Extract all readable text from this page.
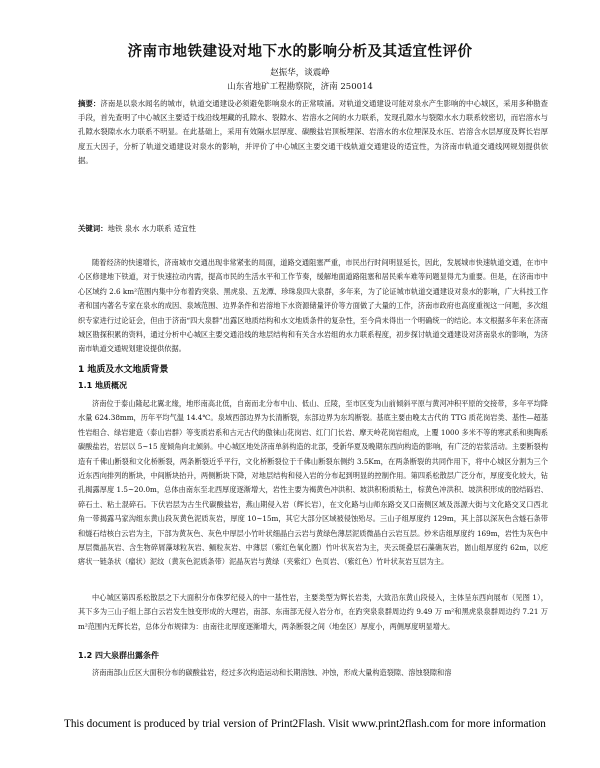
济南市地铁建设对地下水的影响分析及其适宜性评价
赵振华，谈震峥
山东省地矿工程勘察院，济南 250014
摘要：济南是以泉水闻名的城市，轨道交通建设必须避免影响泉水的正常喷涌。对轨道交通建设可能对泉水产生影响的中心城区，采用多种勘查手段，首先查明了中心城区主要适于线沿线埋藏的孔隙水、裂隙水、岩溶水之间的水力联系，发现孔隙水与裂隙水水力联系较密切，而岩溶水与孔隙水裂隙水水力联系不明显。在此基础上，采用有效隔水层厚度、碳酸盐岩顶板埋深、岩溶水的水位埋深及水压、岩溶含水层厚度及辉长岩厚度五大因子，分析了轨道交通建设对泉水的影响，并评价了中心城区主要交通干线轨道交通建设的适宜性，为济南市轨道交通线网规划提供依据。
关键词：地铁 泉水 水力联系 适宜性
随着经济的快速增长，济南城市交通出现非常紧张的局面，道路交通阻塞严重，市民出行时间明显延长，因此，发展城市快速轨道交通，在市中心区修建地下铁道，对于快速拉动内需，提高市民的生活水平和工作节奏，缓解地面道路阻塞和居民乘车难等问题显得尤为重要。但是，在济南市中心区域约 2.6 km²范围内集中分布着趵突泉、黑虎泉、五龙潭、珍珠泉四大泉群，多年来，为了论证城市轨道交通建设对泉水的影响，广大科技工作者和国内著名专家在泉水的成因、泉域范围、边界条件和岩溶地下水资源储量评价等方面做了大量的工作，济南市政府也高度重视这一问题，多次组织专家进行过论证会，但由于济南“四大泉群”出露区地质结构和水文地质条件的复杂性，至今尚未得出一个明确统一的结论。本文根据多年来在济南城区勘探积累的资料，通过分析中心城区主要交通沿线的地层结构和有关含水岩组的水力联系程度，初步探讨轨道交通建设对济南泉水的影响，为济南市轨道交通规划建设提供依据。
1 地质及水文地质背景
1.1 地质概况
济南位于泰山隆起北翼北缘，地形南高北低，自南而北分布中山、低山、丘陵，至市区变为山前倾斜平原与黄河冲积平原的交接带，多年平均降水量 624.38mm，历年平均气温 14.4℃。泉域西部边界为长清断裂，东部边界为东坞断裂。基底主要由晚太古代的 TTG 质花岗岩类、基性—超基性岩组合、绿岩建造（泰山岩群）等变质岩系和古元古代的傲徕山花岗岩、红门门长岩、摩天岭花岗岩组成，上覆 1000 多米不等的寒武系和奥陶系碳酸盐岩，岩层以 5~15 度倾角向北倾斜。中心城区地处济南单斜构造的北部，受新华夏及晚期东西向构造的影响，有广泛的岩浆活动。主要断裂构造有千佛山断裂和文化桥断裂，两条断裂近乎平行，文化桥断裂位于千佛山断裂东侧约 3.5Km，在两条断裂的共同作用下，将中心城区分割为三个近东西向排列的断块，中间断块抬升，两侧断块下降，对地层结构和侵入岩的分布起到明显的控制作用。第四系松散层广泛分布，厚度变化较大，钻孔揭露厚度 1.5~20.0m，总体由南东至北西厚度逐渐增大，岩性主要为褐黄色冲洪积、坡洪积粉质粘土，棕黄色冲洪积、坡洪积形成的胶结砾岩、碎石土、粘土混碎石。下伏岩层为古生代碳酸盐岩，燕山期侵入岩（辉长岩），在文化路与山师东路交叉口南侧区域及泺源大街与文化路交叉口西北角一带揭露马家沟组东黄山段灰黄色泥质灰岩，厚度 10~15m，其它大部分区域被侵蚀殆尽。三山子组厚度约 129m，其上部以深灰色含燧石条带和燧石结核白云岩为主，下部为黄灰色、灰色中厚层小竹叶状细晶白云岩与黄绿色薄层泥质微晶白云岩互层。炒米店组厚度约 169m，岩性为灰色中厚层微晶灰岩、含生物碎屑藻球粒灰岩、鲕粒灰岩、中薄层（紫红色氧化圈）竹叶状灰岩为主，夹云斑叠层石藻礁灰岩，崮山组厚度约 62m，以疙瘩状一链条状（瘤状）泥纹（黄灰色泥质条带）泥晶灰岩与黄绿（夹紫红）色页岩、（紫红色）竹叶状灰岩互层为主。
中心城区第四系松散层之下大面积分布侏罗纪侵入的中一基性岩，主要类型为辉长岩类，大致沿东黄山段侵入，主体呈东西向展布（见图 1），其下多为三山子组上部白云岩发生蚀变形成的大理岩，南部、东南部无侵入岩分布，在趵突泉泉群周边约 9.49 万 m²和黑虎泉泉群周边约 7.21 万 m²范围内无辉长岩，总体分布规律为：由南往北厚度逐渐增大，两条断裂之间（地垒区）厚度小，两侧厚度明显增大。
1.2 四大泉群出露条件
济南南部山丘区大面积分布的碳酸盐岩，经过多次构造运动和长期溶蚀、冲蚀，形成大量构造裂隙、溶蚀裂隙和溶
This document is produced by trial version of Print2Flash. Visit www.print2flash.com for more information
